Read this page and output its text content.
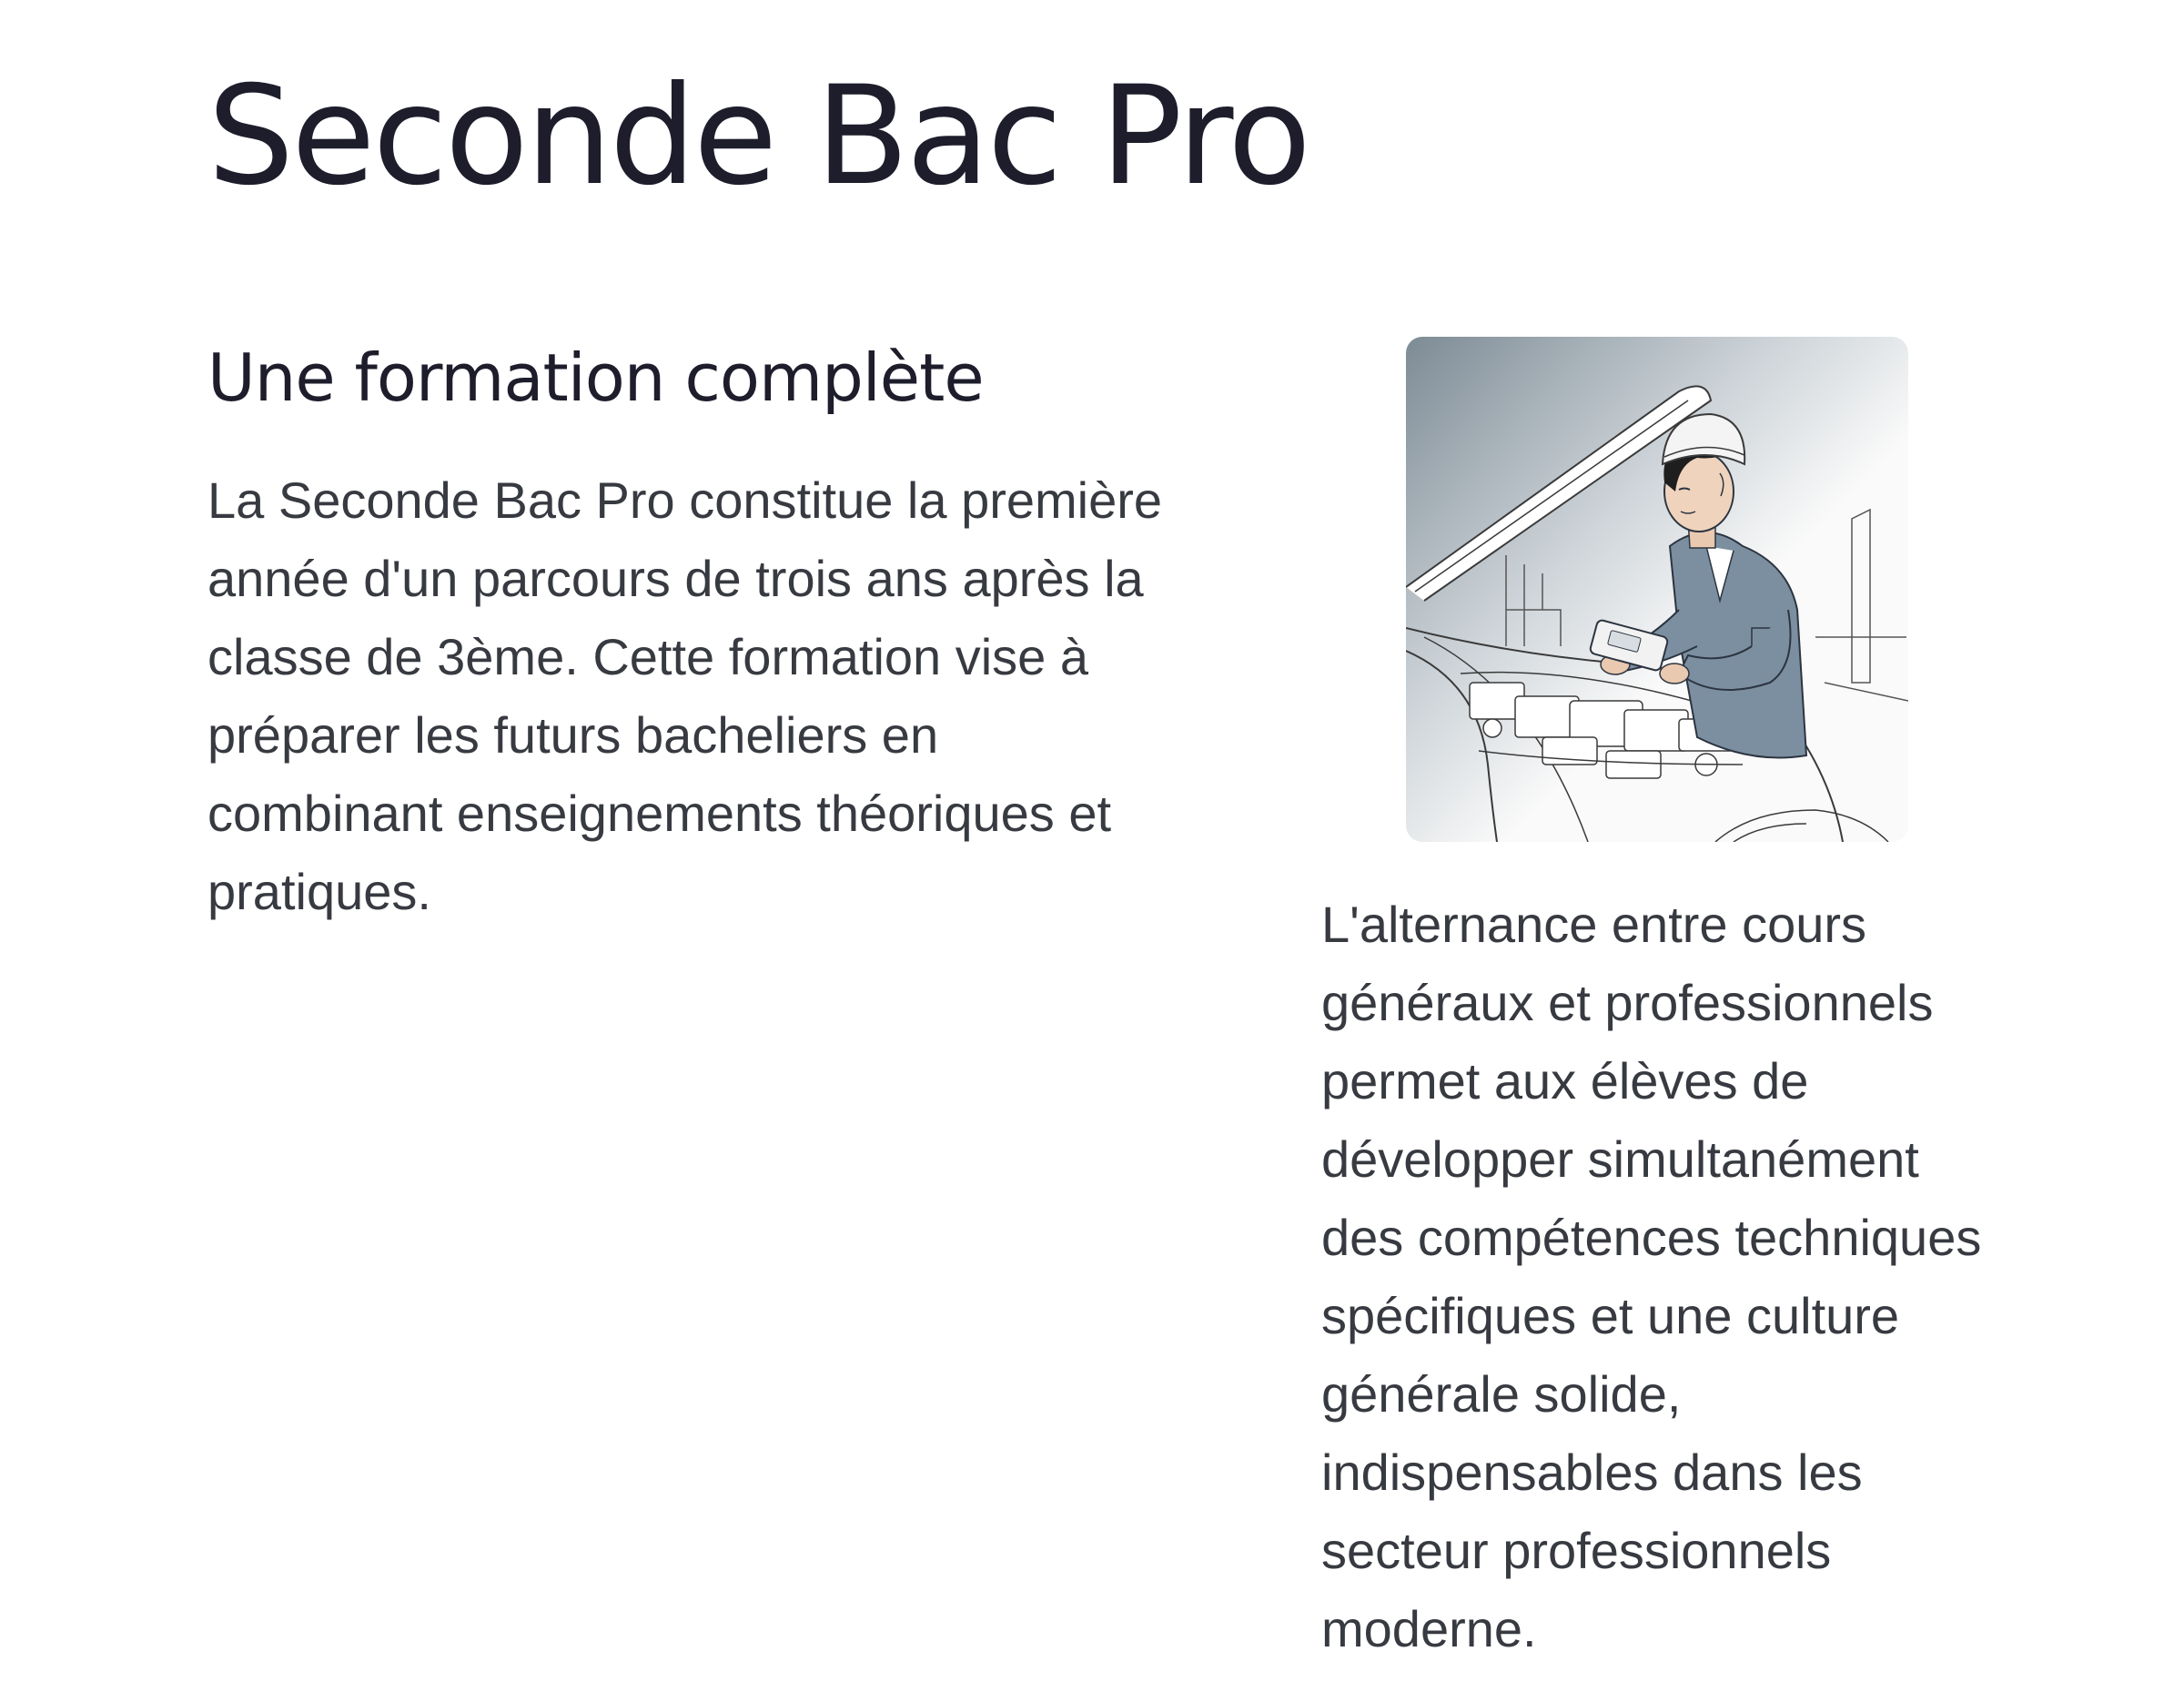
Seconde Bac Pro
Une formation complète

La Seconde Bac Pro constitue la première année d'un parcours de trois ans après la classe de 3ème. Cette formation vise à préparer les futurs bacheliers en combinant enseignements théoriques et pratiques.

L'alternance entre cours généraux et professionnels permet aux élèves de développer simultanément des compétences techniques spécifiques et une culture générale solide, indispensables dans les secteur professionnels moderne.
